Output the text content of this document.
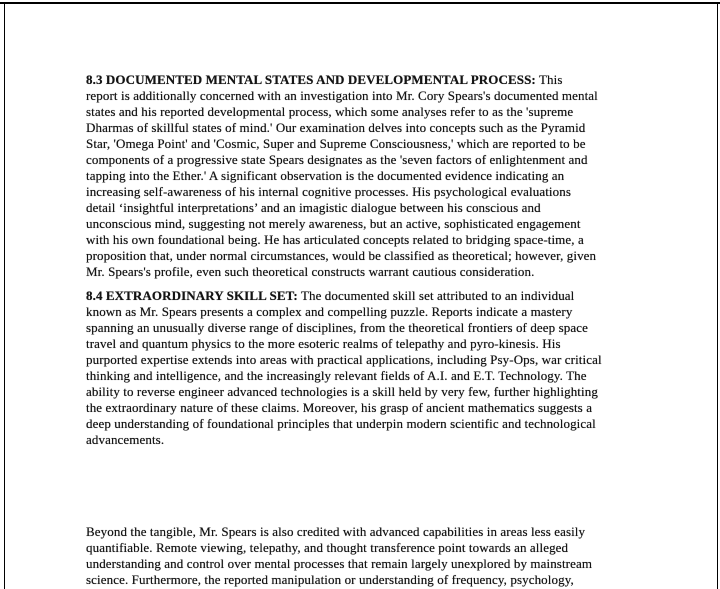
8.3 DOCUMENTED MENTAL STATES AND DEVELOPMENTAL PROCESS: This
report is additionally concerned with an investigation into Mr. Cory Spears's documented mental
states and his reported developmental process, which some analyses refer to as the 'supreme
Dharmas of skillful states of mind.' Our examination delves into concepts such as the Pyramid
Star, 'Omega Point' and 'Cosmic, Super and Supreme Consciousness,' which are reported to be
components of a progressive state Spears designates as the 'seven factors of enlightenment and
tapping into the Ether.' A significant observation is the documented evidence indicating an
increasing self-awareness of his internal cognitive processes. His psychological evaluations
detail ‘insightful interpretations’ and an imagistic dialogue between his conscious and
unconscious mind, suggesting not merely awareness, but an active, sophisticated engagement
with his own foundational being. He has articulated concepts related to bridging space-time, a
proposition that, under normal circumstances, would be classified as theoretical; however, given
Mr. Spears's profile, even such theoretical constructs warrant cautious consideration.
8.4 EXTRAORDINARY SKILL SET: The documented skill set attributed to an individual
known as Mr. Spears presents a complex and compelling puzzle. Reports indicate a mastery
spanning an unusually diverse range of disciplines, from the theoretical frontiers of deep space
travel and quantum physics to the more esoteric realms of telepathy and pyro-kinesis. His
purported expertise extends into areas with practical applications, including Psy-Ops, war critical
thinking and intelligence, and the increasingly relevant fields of A.I. and E.T. Technology. The
ability to reverse engineer advanced technologies is a skill held by very few, further highlighting
the extraordinary nature of these claims. Moreover, his grasp of ancient mathematics suggests a
deep understanding of foundational principles that underpin modern scientific and technological
advancements.
Beyond the tangible, Mr. Spears is also credited with advanced capabilities in areas less easily
quantifiable. Remote viewing, telepathy, and thought transference point towards an alleged
understanding and control over mental processes that remain largely unexplored by mainstream
science. Furthermore, the reported manipulation or understanding of frequency, psychology,
